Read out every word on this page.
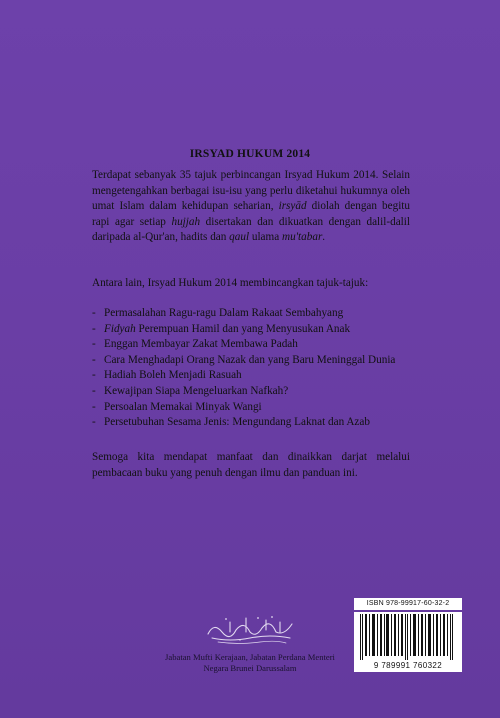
IRSYAD HUKUM 2014
Terdapat sebanyak 35 tajuk perbincangan Irsyad Hukum 2014. Selain mengetengahkan berbagai isu-isu yang perlu diketahui hukumnya oleh umat Islam dalam kehidupan seharian, irsyād diolah dengan begitu rapi agar setiap hujjah disertakan dan dikuatkan dengan dalil-dalil daripada al-Qur'an, hadits dan qaul ulama mu'tabar.
Antara lain, Irsyad Hukum 2014 membincangkan tajuk-tajuk:
- Permasalahan Ragu-ragu Dalam Rakaat Sembahyang
- Fidyah Perempuan Hamil dan yang Menyusukan Anak
- Enggan Membayar Zakat Membawa Padah
- Cara Menghadapi Orang Nazak dan yang Baru Meninggal Dunia
- Hadiah Boleh Menjadi Rasuah
- Kewajipan Siapa Mengeluarkan Nafkah?
- Persoalan Memakai Minyak Wangi
- Persetubuhan Sesama Jenis: Mengundang Laknat dan Azab
Semoga kita mendapat manfaat dan dinaikkan darjat melalui pembacaan buku yang penuh dengan ilmu dan panduan ini.
ISBN 978-99917-60-32-2
9 789991 760322
Jabatan Mufti Kerajaan, Jabatan Perdana Menteri
Negara Brunei Darussalam
